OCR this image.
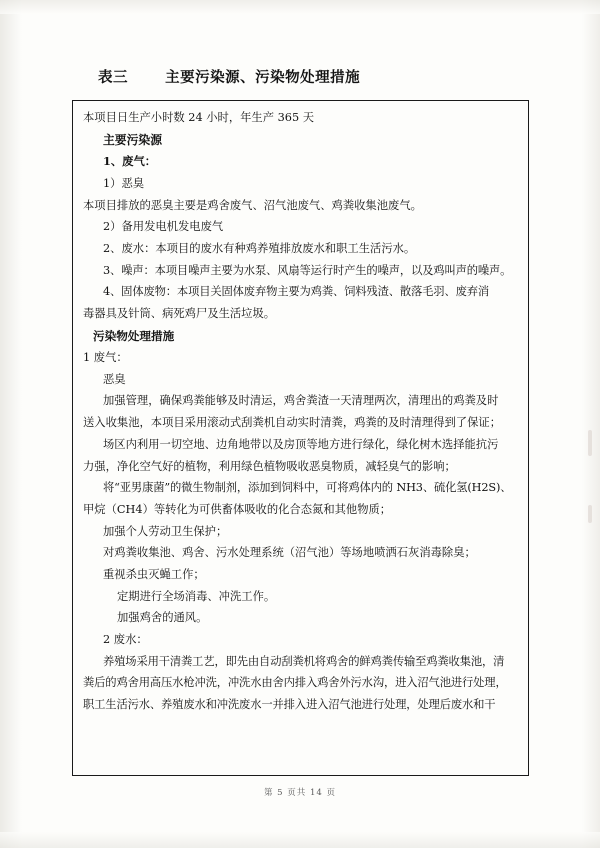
表三	主要污染源、污染物处理措施
本项目日生产小时数 24 小时，年生产 365 天
主要污染源
1、废气：
1）恶臭
本项目排放的恶臭主要是鸡舍废气、沼气池废气、鸡粪收集池废气。
2）备用发电机发电废气
2、废水：本项目的废水有种鸡养殖排放废水和职工生活污水。
3、噪声：本项目噪声主要为水泵、风扇等运行时产生的噪声，以及鸡叫声的噪声。
4、固体废物：本项目关固体废弃物主要为鸡粪、饲料残渣、散落毛羽、废弃消
毒器具及针筒、病死鸡尸及生活垃圾。
污染物处理措施
1 废气：
恶臭
加强管理，确保鸡粪能够及时清运，鸡舍粪渣一天清理两次，清理出的鸡粪及时
送入收集池，本项目采用滚动式刮粪机自动实时清粪，鸡粪的及时清理得到了保证；
场区内利用一切空地、边角地带以及房顶等地方进行绿化，绿化树木选择能抗污
力强，净化空气好的植物，利用绿色植物吸收恶臭物质，减轻臭气的影响；
将“亚男康菌”的微生物制剂，添加到饲料中，可将鸡体内的 NH3、硫化氢(H2S)、
甲烷（CH4）等转化为可供畜体吸收的化合态氮和其他物质；
加强个人劳动卫生保护；
对鸡粪收集池、鸡舍、污水处理系统（沼气池）等场地喷洒石灰消毒除臭；
重视杀虫灭蝇工作；
定期进行全场消毒、冲洗工作。
加强鸡舍的通风。
2 废水：
养殖场采用干清粪工艺，即先由自动刮粪机将鸡舍的鲜鸡粪传输至鸡粪收集池，清
粪后的鸡舍用高压水枪冲洗，冲洗水由舍内排入鸡舍外污水沟，进入沼气池进行处理，
职工生活污水、养殖废水和冲洗废水一并排入进入沼气池进行处理，处理后废水和干
第 5 页共 14 页
